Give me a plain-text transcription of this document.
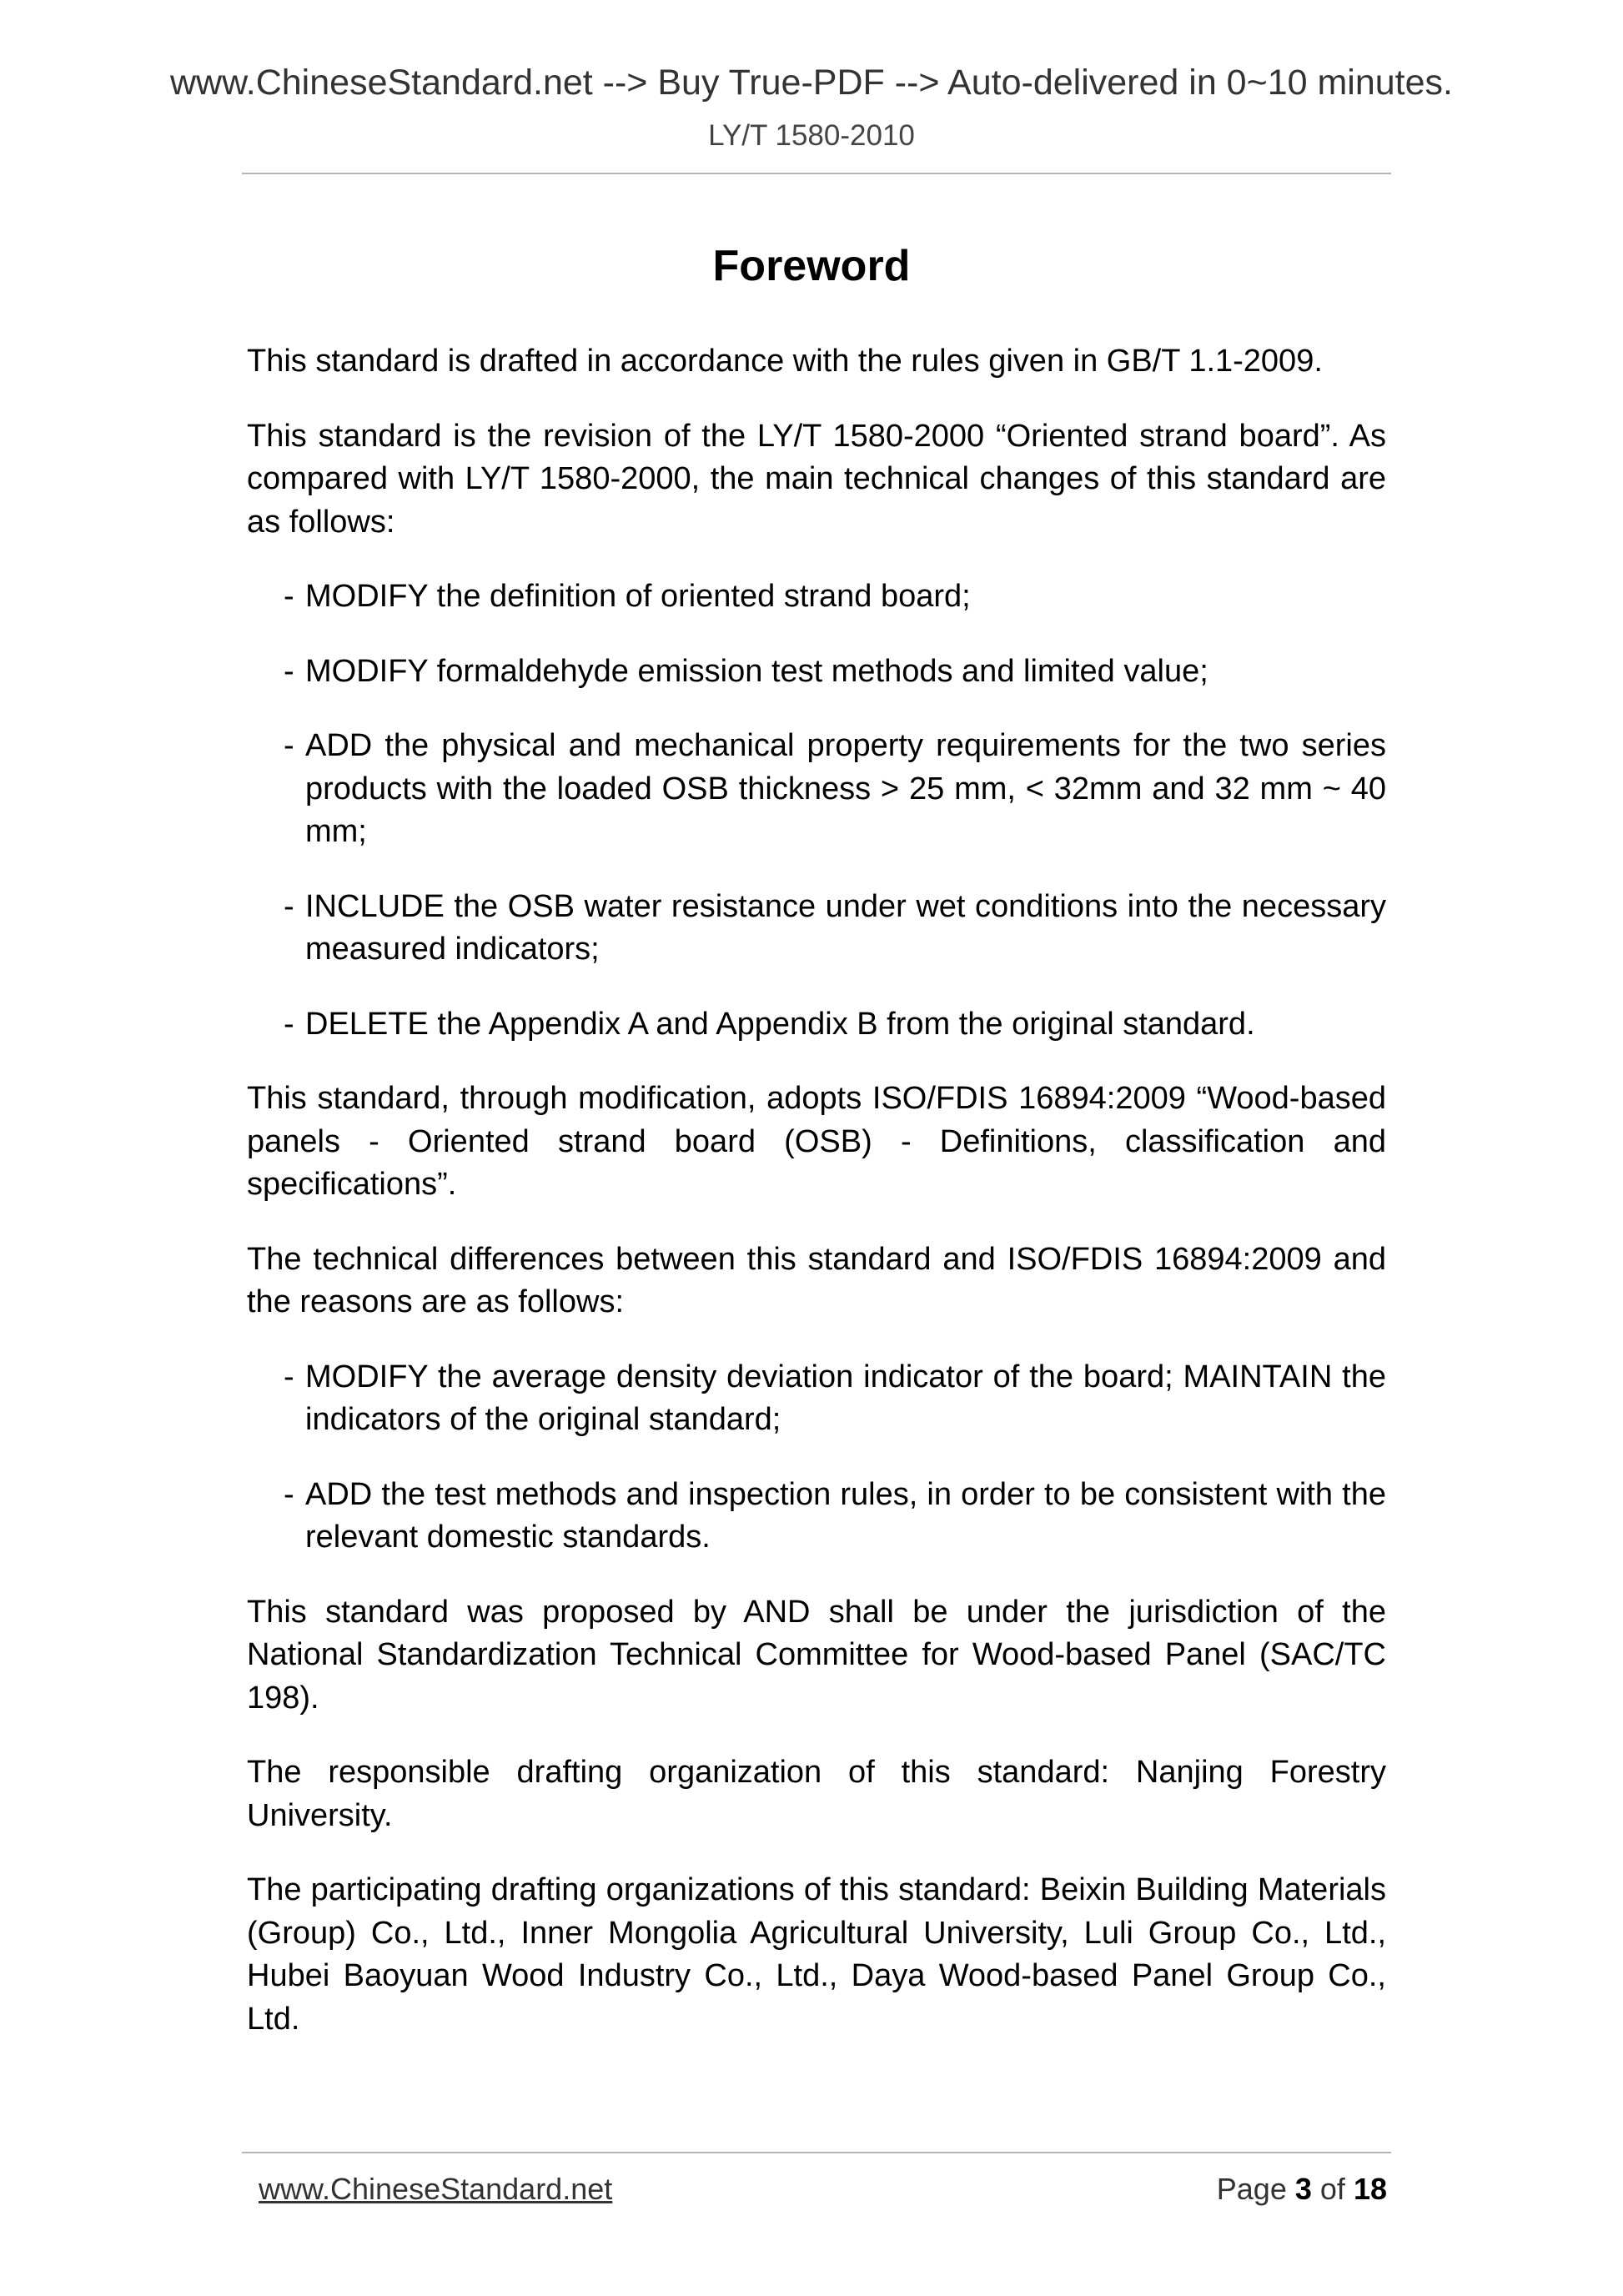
www.ChineseStandard.net --> Buy True-PDF --> Auto-delivered in 0~10 minutes.
LY/T 1580-2010
Foreword

This standard is drafted in accordance with the rules given in GB/T 1.1-2009.

This standard is the revision of the LY/T 1580-2000 “Oriented strand board”. As compared with LY/T 1580-2000, the main technical changes of this standard are as follows:

- MODIFY the definition of oriented strand board;
- MODIFY formaldehyde emission test methods and limited value;
- ADD the physical and mechanical property requirements for the two series products with the loaded OSB thickness > 25 mm, < 32mm and 32 mm ~ 40 mm;
- INCLUDE the OSB water resistance under wet conditions into the necessary measured indicators;
- DELETE the Appendix A and Appendix B from the original standard.

This standard, through modification, adopts ISO/FDIS 16894:2009 “Wood-based panels - Oriented strand board (OSB) - Definitions, classification and specifications”.

The technical differences between this standard and ISO/FDIS 16894:2009 and the reasons are as follows:

- MODIFY the average density deviation indicator of the board; MAINTAIN the indicators of the original standard;
- ADD the test methods and inspection rules, in order to be consistent with the relevant domestic standards.

This standard was proposed by AND shall be under the jurisdiction of the National Standardization Technical Committee for Wood-based Panel (SAC/TC 198).

The responsible drafting organization of this standard: Nanjing Forestry University.

The participating drafting organizations of this standard: Beixin Building Materials (Group) Co., Ltd., Inner Mongolia Agricultural University, Luli Group Co., Ltd., Hubei Baoyuan Wood Industry Co., Ltd., Daya Wood-based Panel Group Co., Ltd.

www.ChineseStandard.net	Page 3 of 18
